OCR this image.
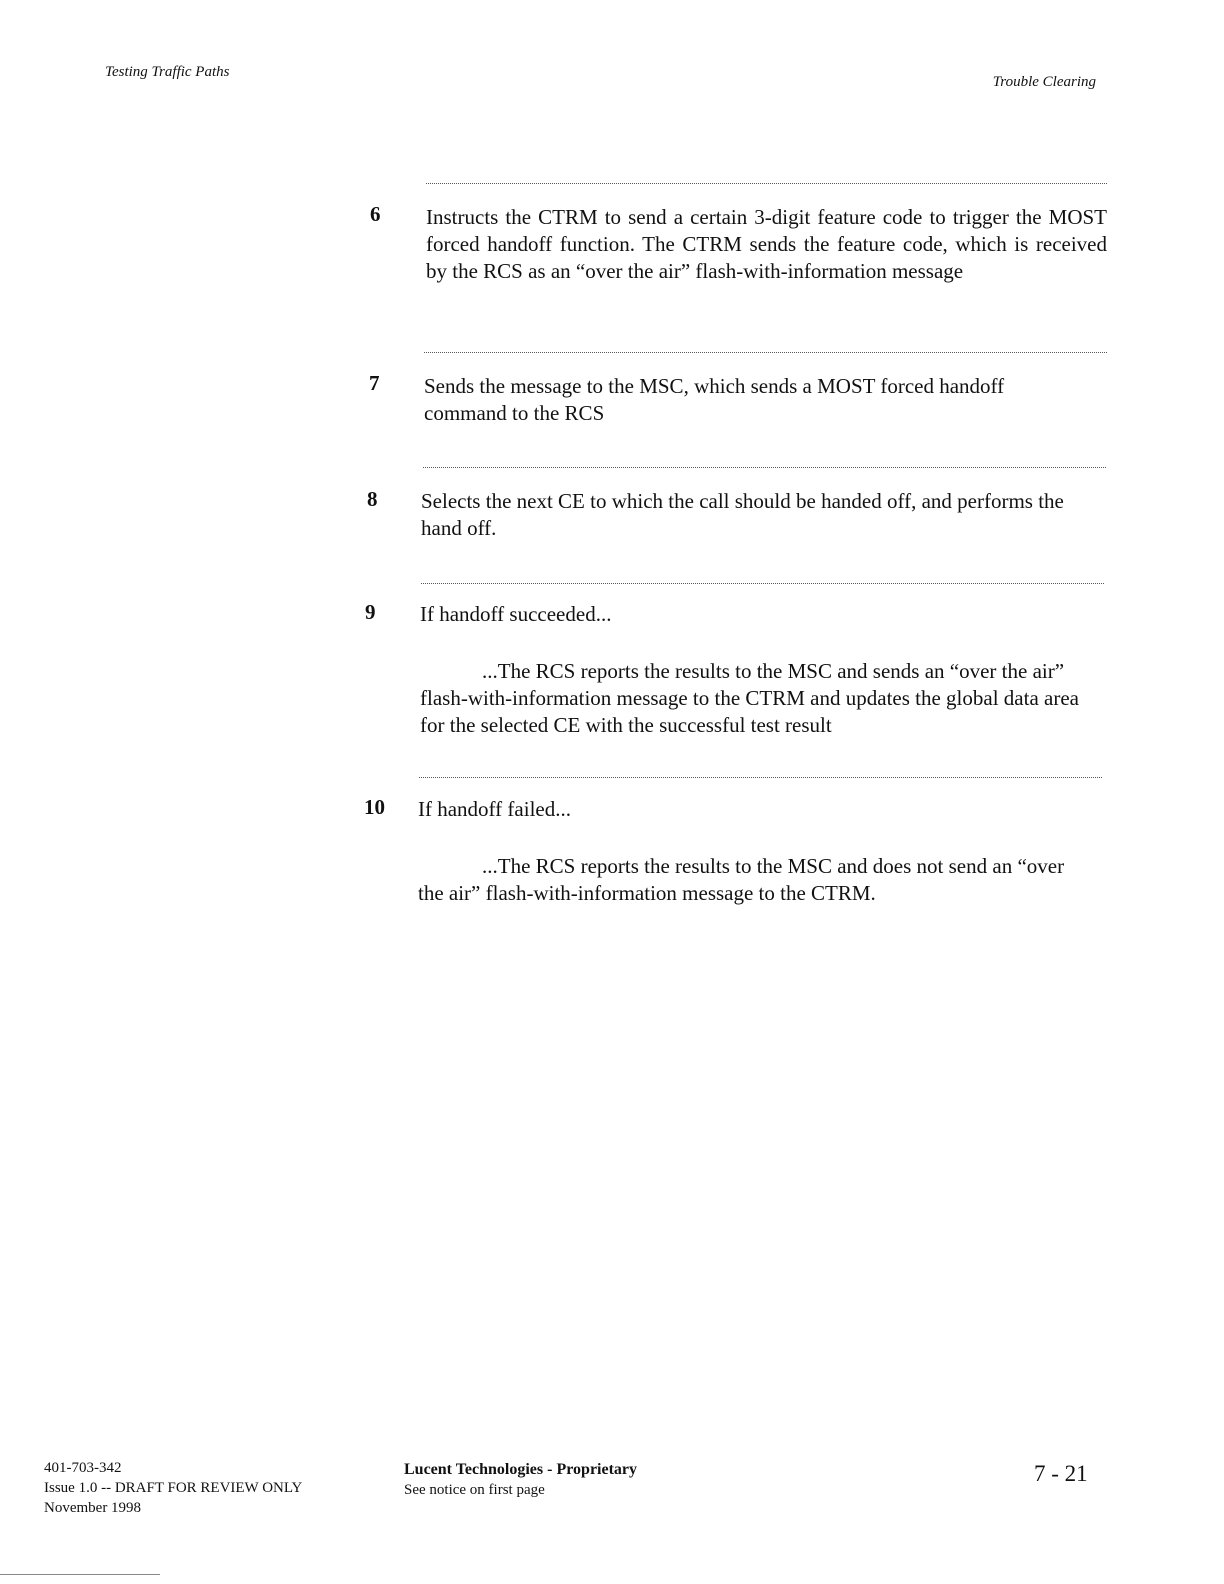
Testing Traffic Paths
Trouble Clearing
6	Instructs the CTRM to send a certain 3-digit feature code to trigger the MOST forced handoff function. The CTRM sends the feature code, which is received by the RCS as an “over the air” flash-with-information message
7	Sends the message to the MSC, which sends a MOST forced handoff command to the RCS
8	Selects the next CE to which the call should be handed off, and performs the hand off.
9	If handoff succeeded...
...The RCS reports the results to the MSC and sends an “over the air” flash-with-information message to the CTRM and updates the global data area for the selected CE with the successful test result
10	If handoff failed...
...The RCS reports the results to the MSC and does not send an “over the air” flash-with-information message to the CTRM.
401-703-342
Issue 1.0 -- DRAFT FOR REVIEW ONLY
November 1998
Lucent Technologies - Proprietary
See notice on first page
7 - 21
